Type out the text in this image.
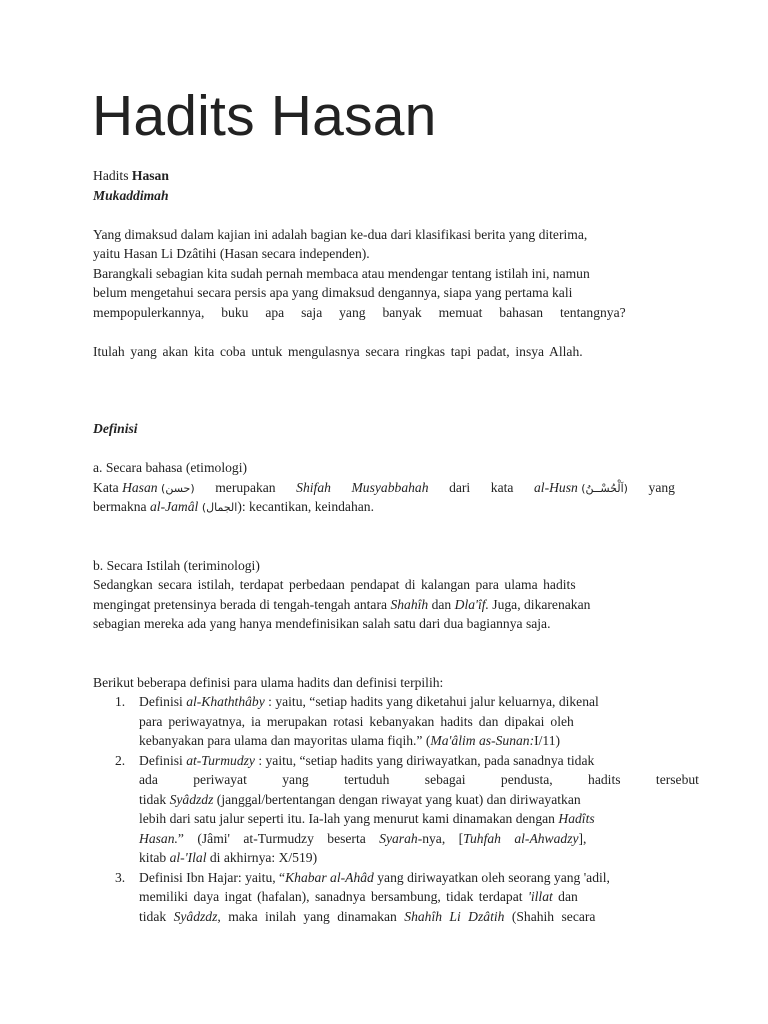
Hadits Hasan
Hadits Hasan
Mukaddimah
Yang dimaksud dalam kajian ini adalah bagian ke-dua dari klasifikasi berita yang diterima,
yaitu Hasan Li Dzâtihi (Hasan secara independen).
Barangkali sebagian kita sudah pernah membaca atau mendengar tentang istilah ini, namun
belum mengetahui secara persis apa yang dimaksud dengannya, siapa yang pertama kali
mempopulerkannya, buku apa saja yang banyak memuat bahasan tentangnya?
Itulah yang akan kita coba untuk mengulasnya secara ringkas tapi padat, insya Allah.
Definisi
a. Secara bahasa (etimologi)
Kata Hasan (حسن) merupakan Shifah Musyabbahah dari kata al-Husn (اَلْحُسْــنُ) yang
bermakna al-Jamâl (الجمال): kecantikan, keindahan.
b. Secara Istilah (teriminologi)
Sedangkan secara istilah, terdapat perbedaan pendapat di kalangan para ulama hadits
mengingat pretensinya berada di tengah-tengah antara Shahîh dan Dla'îf. Juga, dikarenakan
sebagian mereka ada yang hanya mendefinisikan salah satu dari dua bagiannya saja.
Berikut beberapa definisi para ulama hadits dan definisi terpilih:
1.	Definisi al-Khaththâby : yaitu, “setiap hadits yang diketahui jalur keluarnya, dikenal
para periwayatnya, ia merupakan rotasi kebanyakan hadits dan dipakai oleh
kebanyakan para ulama dan mayoritas ulama fiqih.” (Ma'âlim as-Sunan:I/11)
2.	Definisi at-Turmudzy : yaitu, “setiap hadits yang diriwayatkan, pada sanadnya tidak
ada periwayat yang tertuduh sebagai pendusta, hadits tersebut
tidak Syâdzdz (janggal/bertentangan dengan riwayat yang kuat) dan diriwayatkan
lebih dari satu jalur seperti itu. Ia-lah yang menurut kami dinamakan dengan Hadîts
Hasan.” (Jâmi' at-Turmudzy beserta Syarah-nya, [Tuhfah al-Ahwadzy],
kitab al-'Ilal di akhirnya: X/519)
3.	Definisi Ibn Hajar: yaitu, “Khabar al-Ahâd yang diriwayatkan oleh seorang yang 'adil,
memiliki daya ingat (hafalan), sanadnya bersambung, tidak terdapat 'illat dan
tidak Syâdzdz, maka inilah yang dinamakan Shahîh Li Dzâtih (Shahih secara
